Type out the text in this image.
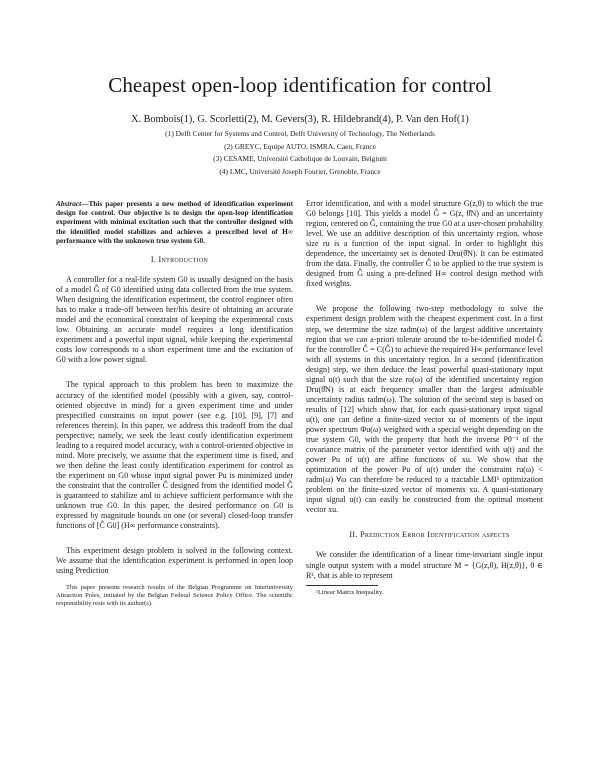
Cheapest open-loop identification for control
X. Bombois(1), G. Scorletti(2), M. Gevers(3), R. Hildebrand(4), P. Van den Hof(1)
(1) Delft Center for Systems and Control, Delft University of Technology, The Netherlands
(2) GREYC, Equipe AUTO, ISMRA, Caen, France
(3) CESAME, Université Catholique de Louvain, Belgium
(4) LMC, Université Joseph Fourier, Grenoble, France

Abstract—This paper presents a new method of identification experiment design for control. Our objective is to design the open-loop identification experiment with minimal excitation such that the controller designed with the identified model stabilizes and achieves a prescribed level of H∞ performance with the unknown true system G0.

I. Introduction

A controller for a real-life system G0 is usually designed on the basis of a model Ĝ of G0 identified using data collected from the true system. When designing the identification experiment, the control engineer often has to make a trade-off between her/his desire of obtaining an accurate model and the economical constraint of keeping the experimental costs low. Obtaining an accurate model requires a long identification experiment and a powerful input signal, while keeping the experimental costs low corresponds to a short experiment time and the excitation of G0 with a low power signal.

The typical approach to this problem has been to maximize the accuracy of the identified model (possibly with a given, say, control-oriented objective in mind) for a given experiment time and under prespecified constraints on input power (see e.g. [10], [9], [7] and references therein). In this paper, we address this tradeoff from the dual perspective; namely, we seek the least costly identification experiment leading to a required model accuracy, with a control-oriented objective in mind. More precisely, we assume that the experiment time is fixed, and we then define the least costly identification experiment for control as the experiment on G0 whose input signal power Pu is minimized under the constraint that the controller Ĉ designed from the identified model Ĝ is guaranteed to stabilize and to achieve sufficient performance with the unknown true G0. In this paper, the desired performance on G0 is expressed by magnitude bounds on one (or several) closed-loop transfer functions of [Ĉ G0] (H∞ performance constraints).

This experiment design problem is solved in the following context. We assume that the identification experiment is performed in open loop using Prediction

This paper presents research results of the Belgian Programme on Interuniversity Attraction Poles, initiated by the Belgian Federal Science Policy Office. The scientific responsibility rests with its author(s).

Error identification, and with a model structure G(z,θ) to which the true G0 belongs [10]. This yields a model Ĝ = G(z, θ̂N) and an uncertainty region, centered on Ĝ, containing the true G0 at a user-chosen probability level. We use an additive description of this uncertainty region, whose size ru is a function of the input signal. In order to highlight this dependence, the uncertainty set is denoted Dru(θ̂N). It can be estimated from the data. Finally, the controller Ĉ to be applied to the true system is designed from Ĝ using a pre-defined H∞ control design method with fixed weights.

We propose the following two-step methodology to solve the experiment design problem with the cheapest experiment cost. In a first step, we determine the size radm(ω) of the largest additive uncertainty region that we can a-priori tolerate around the to-be-identified model Ĝ for the controller Ĉ = C(Ĝ) to achieve the required H∞ performance level with all systems in this uncertainty region. In a second (identification design) step, we then deduce the least powerful quasi-stationary input signal u(t) such that the size ru(ω) of the identified uncertainty region Dru(θ̂N) is at each frequency smaller than the largest admissible uncertainty radius radm(ω). The solution of the second step is based on results of [12] which show that, for each quasi-stationary input signal u(t), one can define a finite-sized vector xu of moments of the input power spectrum Φu(ω) weighted with a special weight depending on the true system G0, with the property that both the inverse Pθ⁻¹ of the covariance matrix of the parameter vector identified with u(t) and the power Pu of u(t) are affine functions of xu. We show that the optimization of the power Pu of u(t) under the constraint ru(ω) < radm(ω) ∀ω can therefore be reduced to a tractable LMI¹ optimization problem on the finite-sized vector of moments xu. A quasi-stationary input signal u(t) can easily be constructed from the optimal moment vector xu.

II. Prediction Error Identification aspects

We consider the identification of a linear time-invariant single input single output system with a model structure M = {G(z,θ), H(z,θ)}, θ ∈ Rᵏ, that is able to represent

¹Linear Matrix Inequality.
